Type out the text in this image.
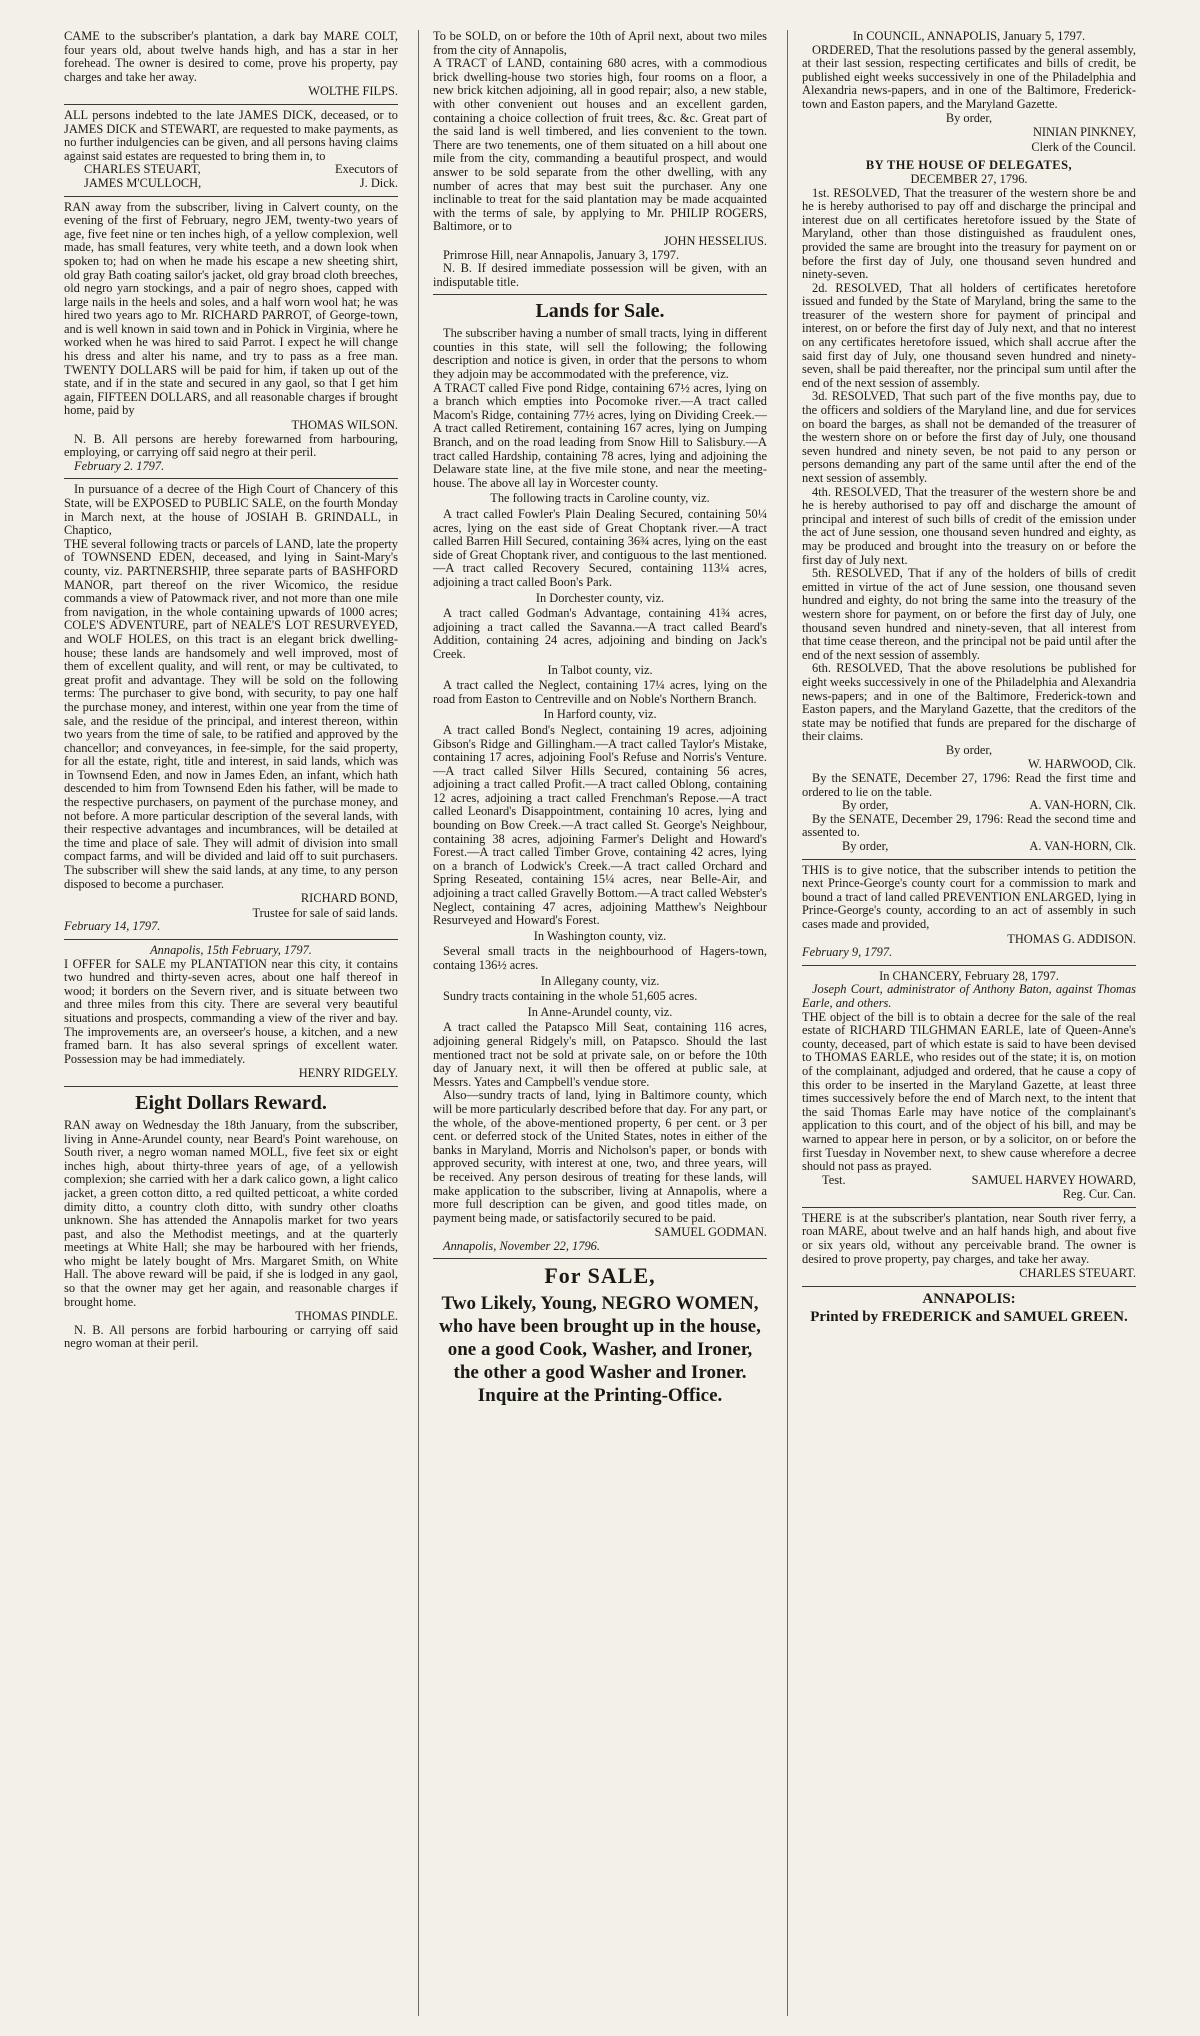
CAME to the subscriber's plantation, a dark bay MARE COLT, four years old, about twelve hands high, and has a star in her forehead. The owner is desired to come, prove his property, pay charges and take her away.

WOLTHE FILPS.

ALL persons indebted to the late JAMES DICK, deceased, or to JAMES DICK and STEWART, are requested to make payments, as no further indulgencies can be given, and all persons having claims against said estates are requested to bring them in, to

CHARLES STEUART,	Executors of
JAMES M'CULLOCH,	J. Dick.

RAN away from the subscriber, living in Calvert county, on the evening of the first of February, negro JEM, twenty-two years of age, five feet nine or ten inches high, of a yellow complexion, well made, has small features, very white teeth, and a down look when spoken to; had on when he made his escape a new sheeting shirt, old gray Bath coating sailor's jacket, old gray broad cloth breeches, old negro yarn stockings, and a pair of negro shoes, capped with large nails in the heels and soles, and a half worn wool hat; he was hired two years ago to Mr. RICHARD PARROT, of George-town, and is well known in said town and in Pohick in Virginia, where he worked when he was hired to said Parrot. I expect he will change his dress and alter his name, and try to pass as a free man. TWENTY DOLLARS will be paid for him, if taken up out of the state, and if in the state and secured in any gaol, so that I get him again, FIFTEEN DOLLARS, and all reasonable charges if brought home, paid by

THOMAS WILSON.

N. B. All persons are hereby forewarned from harbouring, employing, or carrying off said negro at their peril.

February 2. 1797.

In pursuance of a decree of the High Court of Chancery of this State, will be EXPOSED to PUBLIC SALE, on the fourth Monday in March next, at the house of JOSIAH B. GRINDALL, in Chaptico,

THE several following tracts or parcels of LAND, late the property of TOWNSEND EDEN, deceased, and lying in Saint-Mary's county, viz. PARTNERSHIP, three separate parts of BASHFORD MANOR, part thereof on the river Wicomico, the residue commands a view of Patowmack river, and not more than one mile from navigation, in the whole containing upwards of 1000 acres; COLE'S ADVENTURE, part of NEALE'S LOT RESURVEYED, and WOLF HOLES, on this tract is an elegant brick dwelling-house; these lands are handsomely and well improved, most of them of excellent quality, and will rent, or may be cultivated, to great profit and advantage. They will be sold on the following terms: The purchaser to give bond, with security, to pay one half the purchase money, and interest, within one year from the time of sale, and the residue of the principal, and interest thereon, within two years from the time of sale, to be ratified and approved by the chancellor; and conveyances, in fee-simple, for the said property, for all the estate, right, title and interest, in said lands, which was in Townsend Eden, and now in James Eden, an infant, which hath descended to him from Townsend Eden his father, will be made to the respective purchasers, on payment of the purchase money, and not before. A more particular description of the several lands, with their respective advantages and incumbrances, will be detailed at the time and place of sale. They will admit of division into small compact farms, and will be divided and laid off to suit purchasers. The subscriber will shew the said lands, at any time, to any person disposed to become a purchaser.

RICHARD BOND,
Trustee for sale of said lands.

February 14, 1797.

Annapolis, 15th February, 1797.

I OFFER for SALE my PLANTATION near this city, it contains two hundred and thirty-seven acres, about one half thereof in wood; it borders on the Severn river, and is situate between two and three miles from this city. There are several very beautiful situations and prospects, commanding a view of the river and bay. The improvements are, an overseer's house, a kitchen, and a new framed barn. It has also several springs of excellent water. Possession may be had immediately.

HENRY RIDGELY.
Eight Dollars Reward.

RAN away on Wednesday the 18th January, from the subscriber, living in Anne-Arundel county, near Beard's Point warehouse, on South river, a negro woman named MOLL, five feet six or eight inches high, about thirty-three years of age, of a yellowish complexion; she carried with her a dark calico gown, a light calico jacket, a green cotton ditto, a red quilted petticoat, a white corded dimity ditto, a country cloth ditto, with sundry other cloaths unknown. She has attended the Annapolis market for two years past, and also the Methodist meetings, and at the quarterly meetings at White Hall; she may be harboured with her friends, who might be lately bought of Mrs. Margaret Smith, on White Hall. The above reward will be paid, if she is lodged in any gaol, so that the owner may get her again, and reasonable charges if brought home.

THOMAS PINDLE.

N. B. All persons are forbid harbouring or carrying off said negro woman at their peril.

To be SOLD, on or before the 10th of April next, about two miles from the city of Annapolis,

A TRACT of LAND, containing 680 acres, with a commodious brick dwelling-house two stories high, four rooms on a floor, a new brick kitchen adjoining, all in good repair; also, a new stable, with other convenient out houses and an excellent garden, containing a choice collection of fruit trees, &c. &c. Great part of the said land is well timbered, and lies convenient to the town. There are two tenements, one of them situated on a hill about one mile from the city, commanding a beautiful prospect, and would answer to be sold separate from the other dwelling, with any number of acres that may best suit the purchaser. Any one inclinable to treat for the said plantation may be made acquainted with the terms of sale, by applying to Mr. PHILIP ROGERS, Baltimore, or to

JOHN HESSELIUS.

Primrose Hill, near Annapolis, January 3, 1797.

N. B. If desired immediate possession will be given, with an indisputable title.

Lands for Sale.

The subscriber having a number of small tracts, lying in different counties in this state, will sell the following; the following description and notice is given, in order that the persons to whom they adjoin may be accommodated with the preference, viz.

A TRACT called Five pond Ridge, containing 67½ acres, lying on a branch which empties into Pocomoke river.—A tract called Macom's Ridge, containing 77½ acres, lying on Dividing Creek.—A tract called Retirement, containing 167 acres, lying on Jumping Branch, and on the road leading from Snow Hill to Salisbury.—A tract called Hardship, containing 78 acres, lying and adjoining the Delaware state line, at the five mile stone, and near the meeting-house. The above all lay in Worcester county.

The following tracts in Caroline county, viz.

A tract called Fowler's Plain Dealing Secured, containing 50¼ acres, lying on the east side of Great Choptank river.—A tract called Barren Hill Secured, containing 36¾ acres, lying on the east side of Great Choptank river, and contiguous to the last mentioned.—A tract called Recovery Secured, containing 113¼ acres, adjoining a tract called Boon's Park.

In Dorchester county, viz.

A tract called Godman's Advantage, containing 41¾ acres, adjoining a tract called the Savanna.—A tract called Beard's Addition, containing 24 acres, adjoining and binding on Jack's Creek.

In Talbot county, viz.

A tract called the Neglect, containing 17¼ acres, lying on the road from Easton to Centreville and on Noble's Northern Branch.

In Harford county, viz.

A tract called Bond's Neglect, containing 19 acres, adjoining Gibson's Ridge and Gillingham.—A tract called Taylor's Mistake, containing 17 acres, adjoining Fool's Refuse and Norris's Venture.—A tract called Silver Hills Secured, containing 56 acres, adjoining a tract called Profit.—A tract called Oblong, containing 12 acres, adjoining a tract called Frenchman's Repose.—A tract called Leonard's Disappointment, containing 10 acres, lying and bounding on Bow Creek.—A tract called St. George's Neighbour, containing 38 acres, adjoining Farmer's Delight and Howard's Forest.—A tract called Timber Grove, containing 42 acres, lying on a branch of Lodwick's Creek.—A tract called Orchard and Spring Reseated, containing 15¼ acres, near Belle-Air, and adjoining a tract called Gravelly Bottom.—A tract called Webster's Neglect, containing 47 acres, adjoining Matthew's Neighbour Resurveyed and Howard's Forest.

In Washington county, viz.

Several small tracts in the neighbourhood of Hagers-town, containg 136½ acres.

In Allegany county, viz.

Sundry tracts containing in the whole 51,605 acres.

In Anne-Arundel county, viz.

A tract called the Patapsco Mill Seat, containing 116 acres, adjoining general Ridgely's mill, on Patapsco. Should the last mentioned tract not be sold at private sale, on or before the 10th day of January next, it will then be offered at public sale, at Messrs. Yates and Campbell's vendue store.

Also—sundry tracts of land, lying in Baltimore county, which will be more particularly described before that day. For any part, or the whole, of the above-mentioned property, 6 per cent. or 3 per cent. or deferred stock of the United States, notes in either of the banks in Maryland, Morris and Nicholson's paper, or bonds with approved security, with interest at one, two, and three years, will be received. Any person desirous of treating for these lands, will make application to the subscriber, living at Annapolis, where a more full description can be given, and good titles made, on payment being made, or satisfactorily secured to be paid.

SAMUEL GODMAN.

Annapolis, November 22, 1796.

For SALE,
Two Likely, Young, NEGRO WOMEN, who have been brought up in the house, one a good Cook, Washer, and Ironer, the other a good Washer and Ironer. Inquire at the Printing-Office.
In COUNCIL, ANNAPOLIS, January 5, 1797.

ORDERED, That the resolutions passed by the general assembly, at their last session, respecting certificates and bills of credit, be published eight weeks successively in one of the Philadelphia and Alexandria news-papers, and in one of the Baltimore, Frederick-town and Easton papers, and the Maryland Gazette.

By order,
NINIAN PINKNEY,
Clerk of the Council.
BY THE HOUSE OF DELEGATES,
DECEMBER 27, 1796.

1st. RESOLVED, That the treasurer of the western shore be and he is hereby authorised to pay off and discharge the principal and interest due on all certificates heretofore issued by the State of Maryland, other than those distinguished as fraudulent ones, provided the same are brought into the treasury for payment on or before the first day of July, one thousand seven hundred and ninety-seven.

2d. RESOLVED, That all holders of certificates heretofore issued and funded by the State of Maryland, bring the same to the treasurer of the western shore for payment of principal and interest, on or before the first day of July next, and that no interest on any certificates heretofore issued, which shall accrue after the said first day of July, one thousand seven hundred and ninety-seven, shall be paid thereafter, nor the principal sum until after the end of the next session of assembly.

3d. RESOLVED, That such part of the five months pay, due to the officers and soldiers of the Maryland line, and due for services on board the barges, as shall not be demanded of the treasurer of the western shore on or before the first day of July, one thousand seven hundred and ninety seven, be not paid to any person or persons demanding any part of the same until after the end of the next session of assembly.

4th. RESOLVED, That the treasurer of the western shore be and he is hereby authorised to pay off and discharge the amount of principal and interest of such bills of credit of the emission under the act of June session, one thousand seven hundred and eighty, as may be produced and brought into the treasury on or before the first day of July next.

5th. RESOLVED, That if any of the holders of bills of credit emitted in virtue of the act of June session, one thousand seven hundred and eighty, do not bring the same into the treasury of the western shore for payment, on or before the first day of July, one thousand seven hundred and ninety-seven, that all interest from that time cease thereon, and the principal not be paid until after the end of the next session of assembly.

6th. RESOLVED, That the above resolutions be published for eight weeks successively in one of the Philadelphia and Alexandria news-papers; and in one of the Baltimore, Frederick-town and Easton papers, and the Maryland Gazette, that the creditors of the state may be notified that funds are prepared for the discharge of their claims.

By order,
W. HARWOOD, Clk.

By the SENATE, December 27, 1796: Read the first time and ordered to lie on the table.

By order,	A. VAN-HORN, Clk.

By the SENATE, December 29, 1796: Read the second time and assented to.

By order,	A. VAN-HORN, Clk.

THIS is to give notice, that the subscriber intends to petition the next Prince-George's county court for a commission to mark and bound a tract of land called PREVENTION ENLARGED, lying in Prince-George's county, according to an act of assembly in such cases made and provided,

THOMAS G. ADDISON.

February 9, 1797.

In CHANCERY, February 28, 1797.

Joseph Court, administrator of Anthony Baton, against Thomas Earle, and others.

THE object of the bill is to obtain a decree for the sale of the real estate of RICHARD TILGHMAN EARLE, late of Queen-Anne's county, deceased, part of which estate is said to have been devised to THOMAS EARLE, who resides out of the state; it is, on motion of the complainant, adjudged and ordered, that he cause a copy of this order to be inserted in the Maryland Gazette, at least three times successively before the end of March next, to the intent that the said Thomas Earle may have notice of the complainant's application to this court, and of the object of his bill, and may be warned to appear here in person, or by a solicitor, on or before the first Tuesday in November next, to shew cause wherefore a decree should not pass as prayed.

Test.	SAMUEL HARVEY HOWARD,
Reg. Cur. Can.

THERE is at the subscriber's plantation, near South river ferry, a roan MARE, about twelve and an half hands high, and about five or six years old, without any perceivable brand. The owner is desired to prove property, pay charges, and take her away.

CHARLES STEUART.
ANNAPOLIS:
Printed by FREDERICK and SAMUEL GREEN.
